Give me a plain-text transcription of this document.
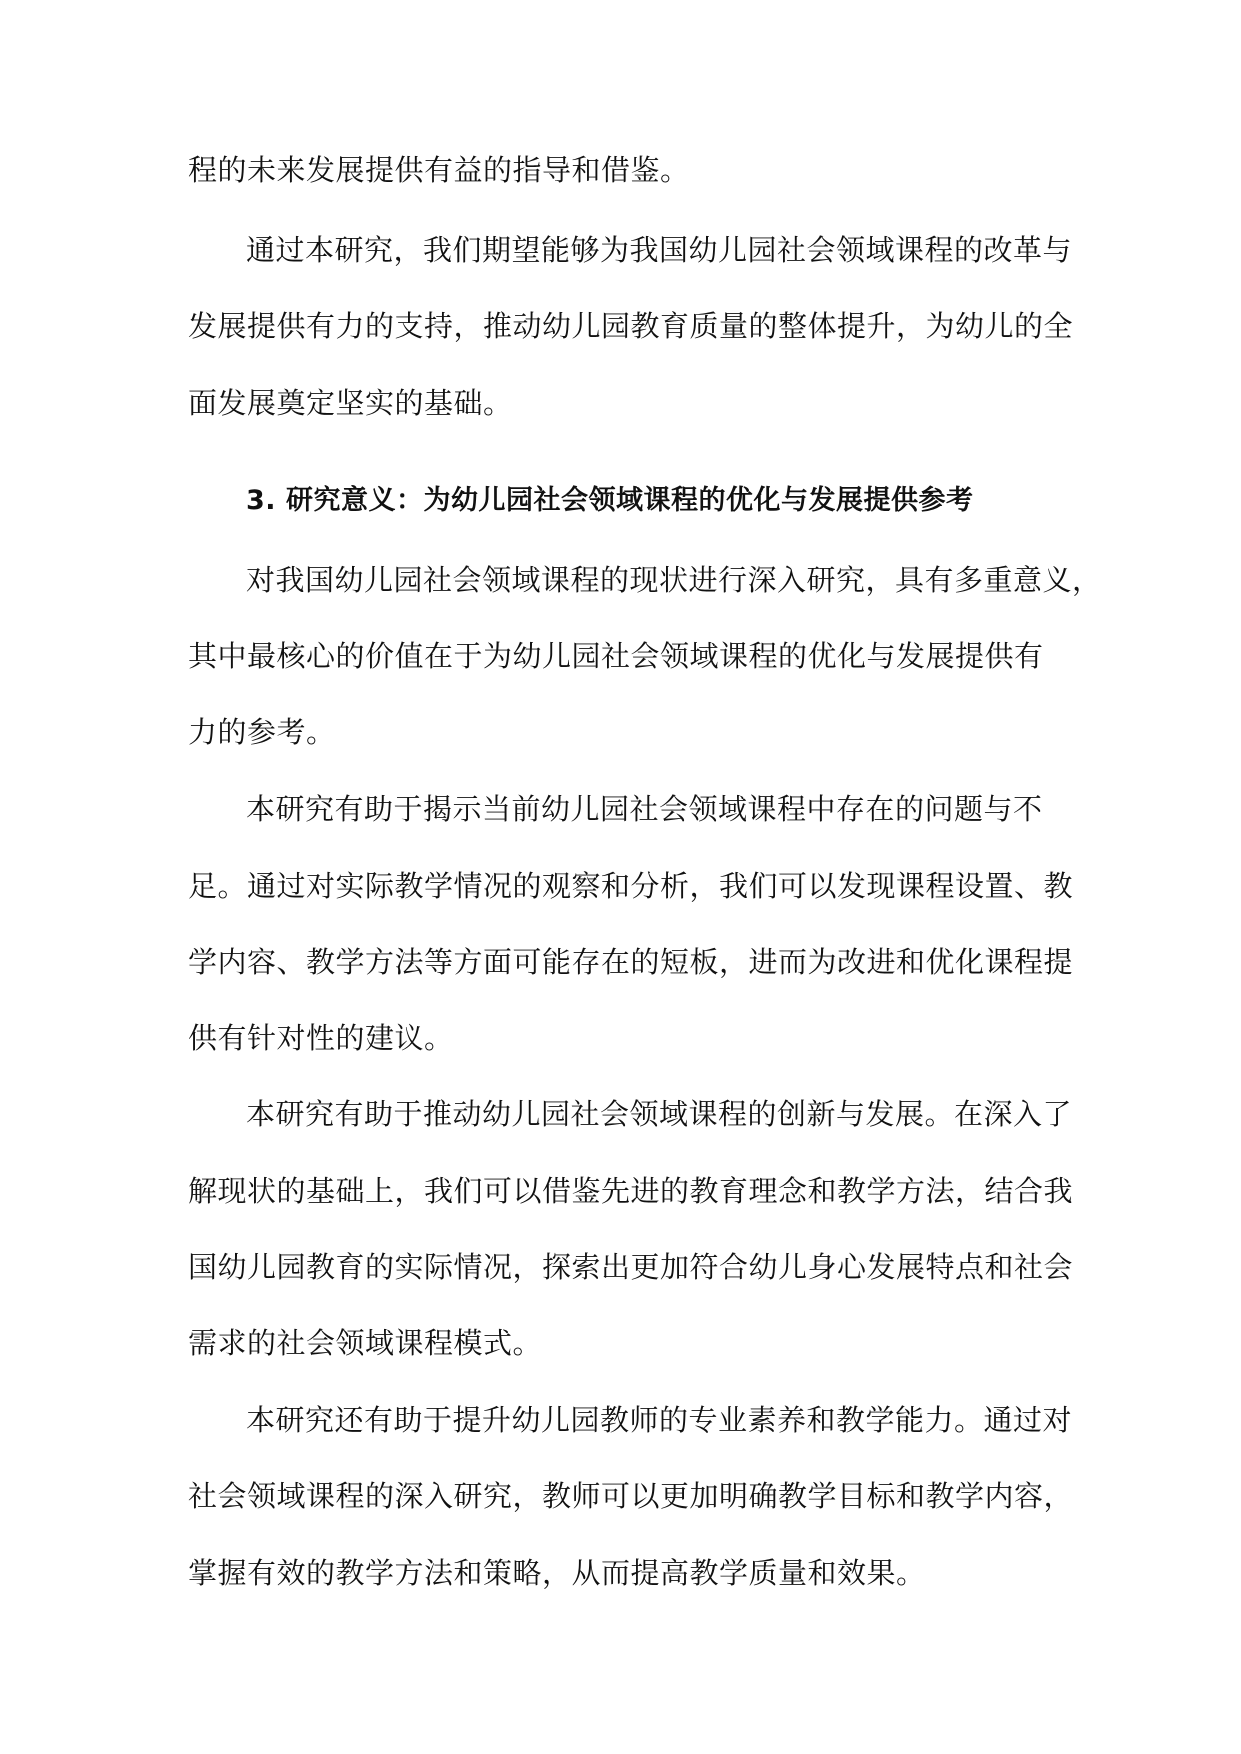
程的未来发展提供有益的指导和借鉴。
通过本研究，我们期望能够为我国幼儿园社会领域课程的改革与
发展提供有力的支持，推动幼儿园教育质量的整体提升，为幼儿的全
面发展奠定坚实的基础。
3. 研究意义：为幼儿园社会领域课程的优化与发展提供参考
对我国幼儿园社会领域课程的现状进行深入研究，具有多重意义，
其中最核心的价值在于为幼儿园社会领域课程的优化与发展提供有
力的参考。
本研究有助于揭示当前幼儿园社会领域课程中存在的问题与不
足。通过对实际教学情况的观察和分析，我们可以发现课程设置、教
学内容、教学方法等方面可能存在的短板，进而为改进和优化课程提
供有针对性的建议。
本研究有助于推动幼儿园社会领域课程的创新与发展。在深入了
解现状的基础上，我们可以借鉴先进的教育理念和教学方法，结合我
国幼儿园教育的实际情况，探索出更加符合幼儿身心发展特点和社会
需求的社会领域课程模式。
本研究还有助于提升幼儿园教师的专业素养和教学能力。通过对
社会领域课程的深入研究，教师可以更加明确教学目标和教学内容，
掌握有效的教学方法和策略，从而提高教学质量和效果。
